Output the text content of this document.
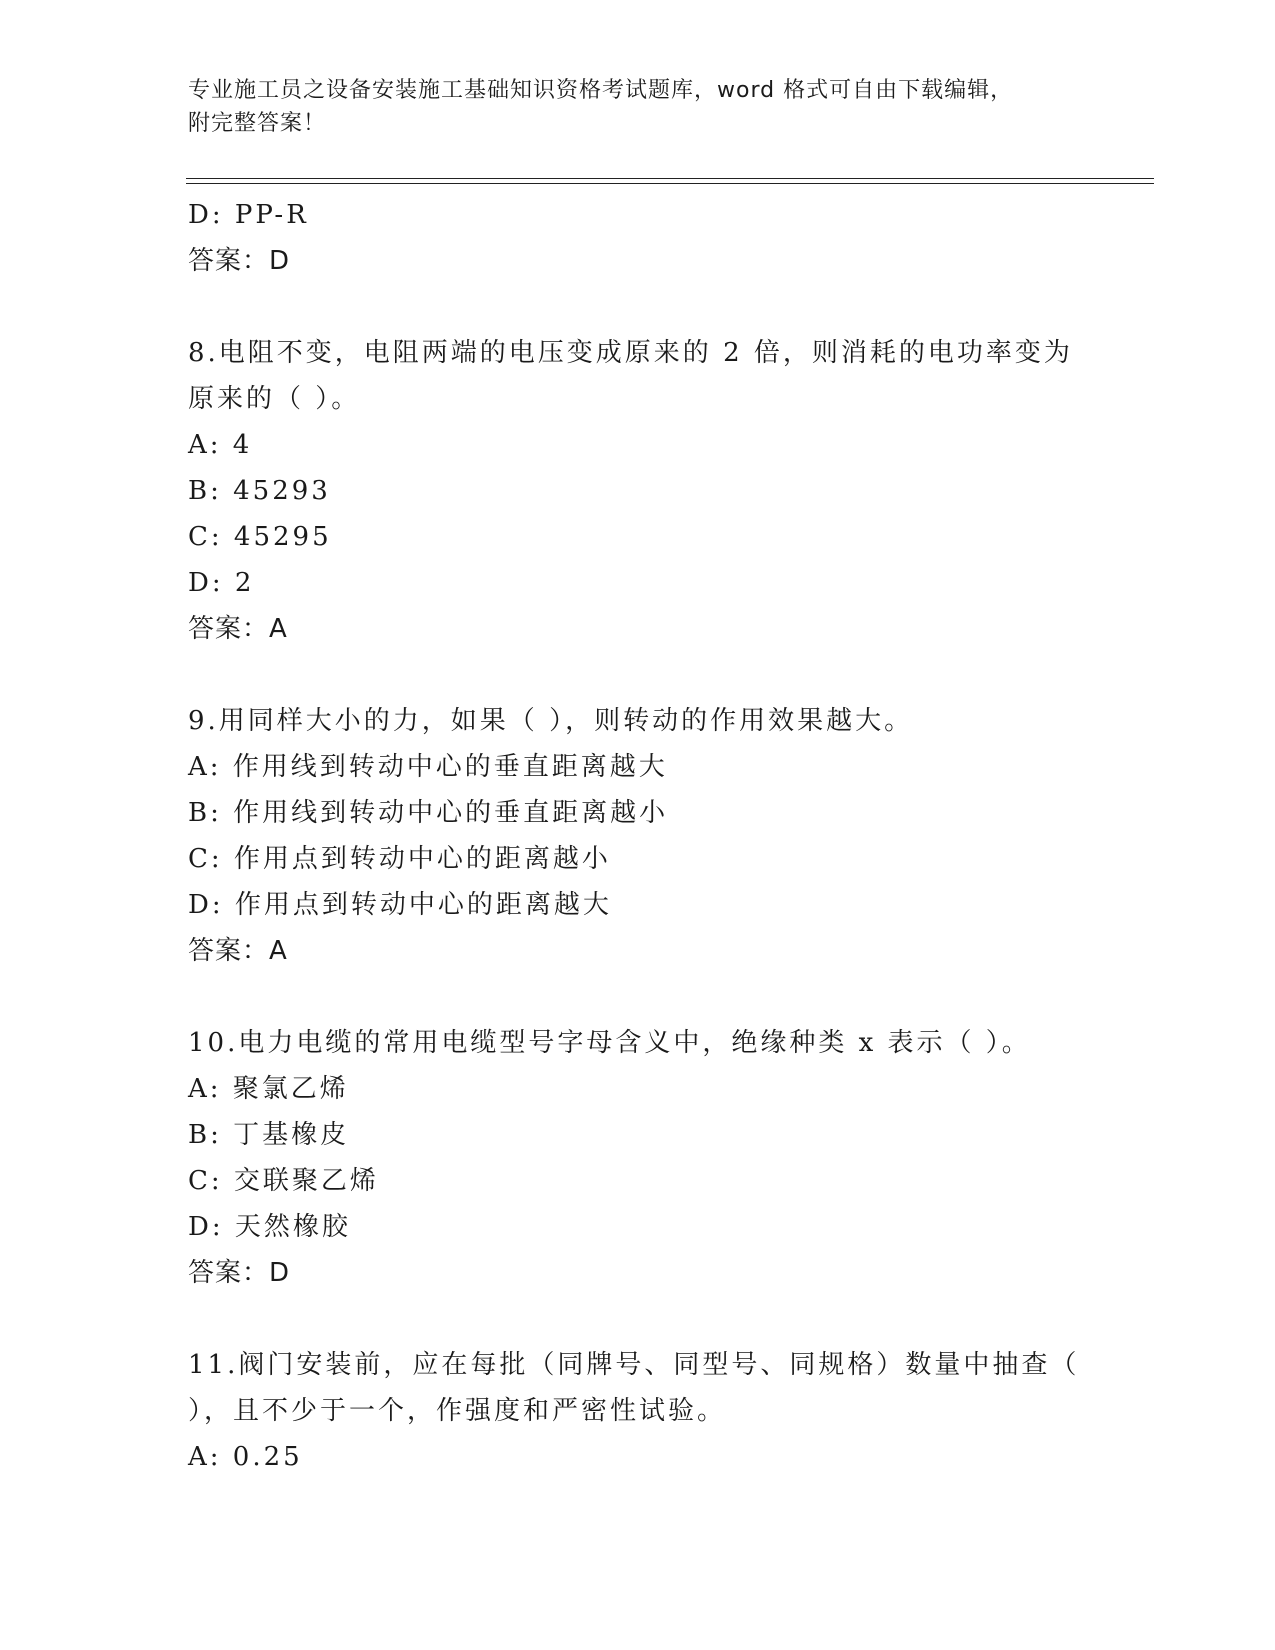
专业施工员之设备安装施工基础知识资格考试题库，word 格式可自由下载编辑，
附完整答案！
D: PP-R
答案：D
8.电阻不变，电阻两端的电压变成原来的 2 倍，则消耗的电功率变为
原来的（ ）。
A: 4
B: 45293
C: 45295
D: 2
答案：A
9.用同样大小的力，如果（ ），则转动的作用效果越大。
A: 作用线到转动中心的垂直距离越大
B: 作用线到转动中心的垂直距离越小
C: 作用点到转动中心的距离越小
D: 作用点到转动中心的距离越大
答案：A
10.电力电缆的常用电缆型号字母含义中，绝缘种类 x 表示（ ）。
A: 聚氯乙烯
B: 丁基橡皮
C: 交联聚乙烯
D: 天然橡胶
答案：D
11.阀门安装前，应在每批（同牌号、同型号、同规格）数量中抽查（
），且不少于一个，作强度和严密性试验。
A: 0.25
